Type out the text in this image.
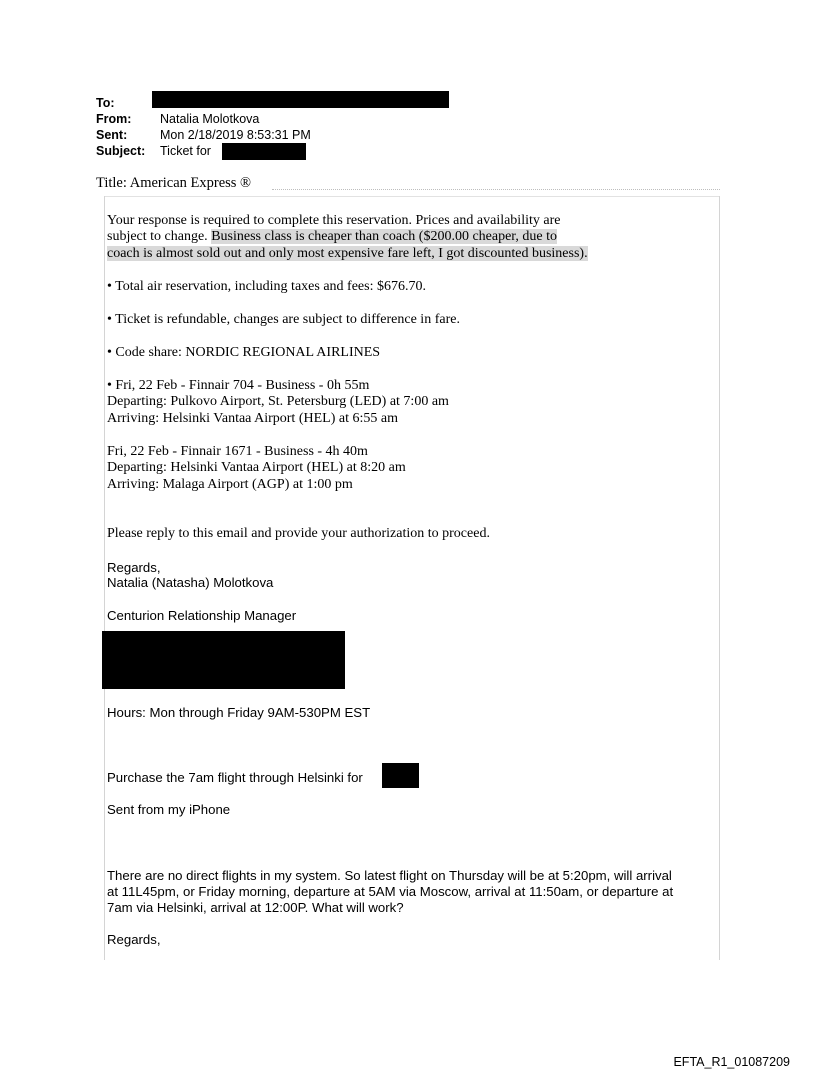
To:
From: Natalia Molotkova
Sent:	Mon 2/18/2019 8:53:31 PM
Subject: Ticket for
Title: American Express ®
Your response is required to complete this reservation. Prices and availability are
subject to change. Business class is cheaper than coach ($200.00 cheaper, due to
coach is almost sold out and only most expensive fare left, I got discounted business).
• Total air reservation, including taxes and fees: $676.70.
• Ticket is refundable, changes are subject to difference in fare.
• Code share: NORDIC REGIONAL AIRLINES
• Fri, 22 Feb - Finnair 704 - Business - 0h 55m
Departing: Pulkovo Airport, St. Petersburg (LED) at 7:00 am
Arriving: Helsinki Vantaa Airport (HEL) at 6:55 am
Fri, 22 Feb - Finnair 1671 - Business - 4h 40m
Departing: Helsinki Vantaa Airport (HEL) at 8:20 am
Arriving: Malaga Airport (AGP) at 1:00 pm
Please reply to this email and provide your authorization to proceed.
Regards,
Natalia (Natasha) Molotkova
Centurion Relationship Manager
Hours: Mon through Friday 9AM-530PM EST
Purchase the 7am flight through Helsinki for
Sent from my iPhone
There are no direct flights in my system. So latest flight on Thursday will be at 5:20pm, will arrival
at 11L45pm, or Friday morning, departure at 5AM via Moscow, arrival at 11:50am, or departure at
7am via Helsinki, arrival at 12:00P. What will work?
Regards,
EFTA_R1_01087209
